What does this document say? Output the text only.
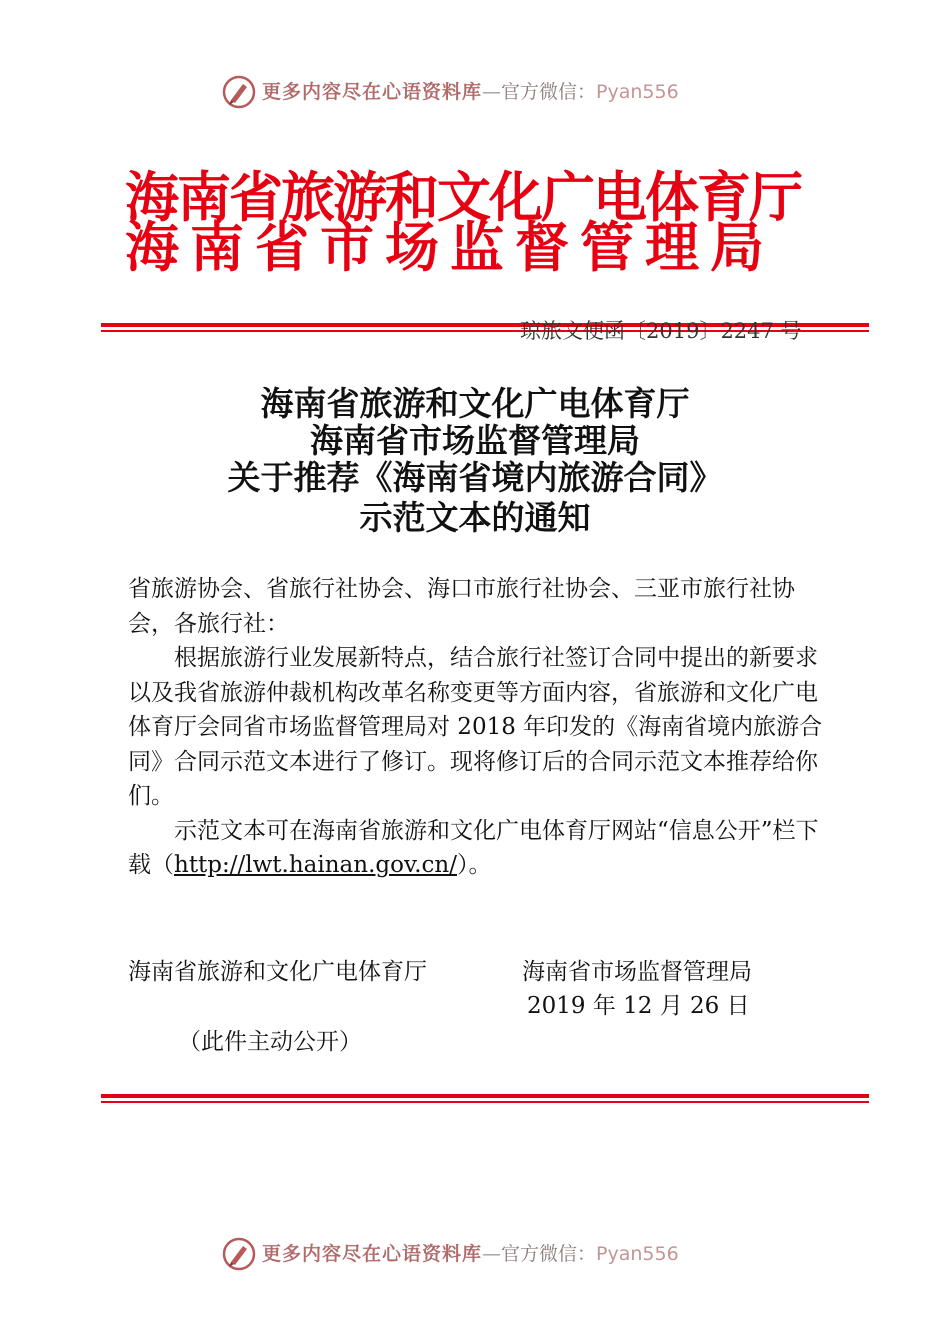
更多内容尽在心语资料库—官方微信：Pyan556
海南省旅游和文化广电体育厅
海南省市场监督管理局
琼旅文便函〔2019〕2247 号
海南省旅游和文化广电体育厅
海南省市场监督管理局
关于推荐《海南省境内旅游合同》
示范文本的通知

省旅游协会、省旅行社协会、海口市旅行社协会、三亚市旅行社协会，各旅行社：

根据旅游行业发展新特点，结合旅行社签订合同中提出的新要求以及我省旅游仲裁机构改革名称变更等方面内容，省旅游和文化广电体育厅会同省市场监督管理局对 2018 年印发的《海南省境内旅游合同》合同示范文本进行了修订。现将修订后的合同示范文本推荐给你们。

示范文本可在海南省旅游和文化广电体育厅网站“信息公开”栏下载（http://lwt.hainan.gov.cn/）。

海南省旅游和文化广电体育厅	海南省市场监督管理局
2019 年 12 月 26 日
（此件主动公开）
更多内容尽在心语资料库—官方微信：Pyan556
